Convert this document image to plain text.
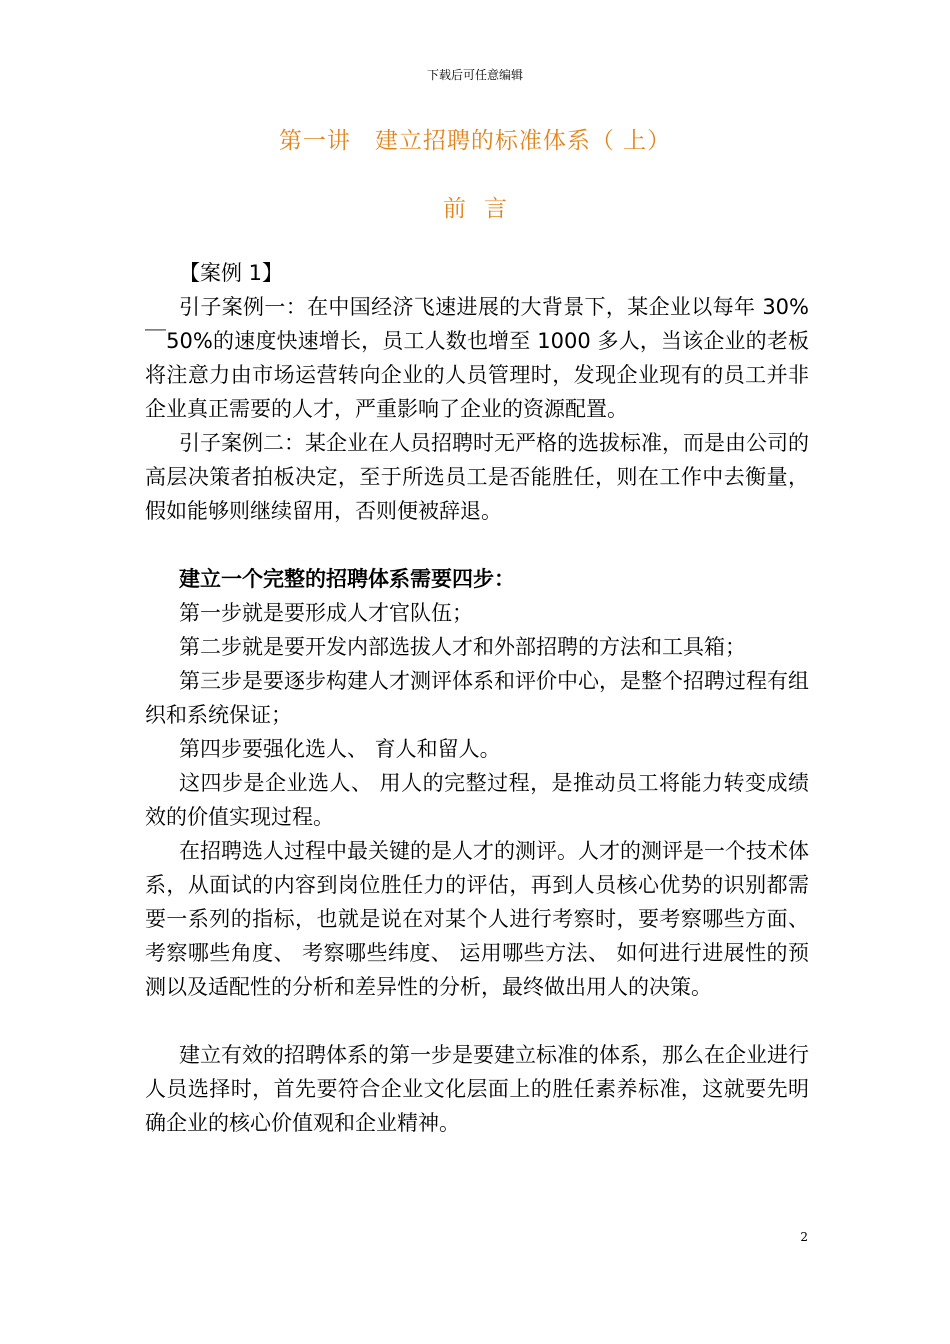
下载后可任意编辑
第一讲　建立招聘的标准体系（ 上）
前言

【案例 1】

引子案例一：在中国经济飞速进展的大背景下，某企业以每年 30%￣50%的速度快速增长，员工人数也增至 1000 多人，当该企业的老板将注意力由市场运营转向企业的人员管理时，发现企业现有的员工并非企业真正需要的人才，严重影响了企业的资源配置。

引子案例二：某企业在人员招聘时无严格的选拔标准，而是由公司的高层决策者拍板决定，至于所选员工是否能胜任，则在工作中去衡量，假如能够则继续留用，否则便被辞退。

建立一个完整的招聘体系需要四步：

第一步就是要形成人才官队伍；

第二步就是要开发内部选拔人才和外部招聘的方法和工具箱；

第三步是要逐步构建人才测评体系和评价中心，是整个招聘过程有组织和系统保证；

第四步要强化选人、 育人和留人。

这四步是企业选人、 用人的完整过程，是推动员工将能力转变成绩效的价值实现过程。

在招聘选人过程中最关键的是人才的测评。人才的测评是一个技术体系，从面试的内容到岗位胜任力的评估，再到人员核心优势的识别都需要一系列的指标，也就是说在对某个人进行考察时，要考察哪些方面、 考察哪些角度、 考察哪些纬度、 运用哪些方法、 如何进行进展性的预测以及适配性的分析和差异性的分析，最终做出用人的决策。

建立有效的招聘体系的第一步是要建立标准的体系，那么在企业进行人员选择时，首先要符合企业文化层面上的胜任素养标准，这就要先明确企业的核心价值观和企业精神。

2
